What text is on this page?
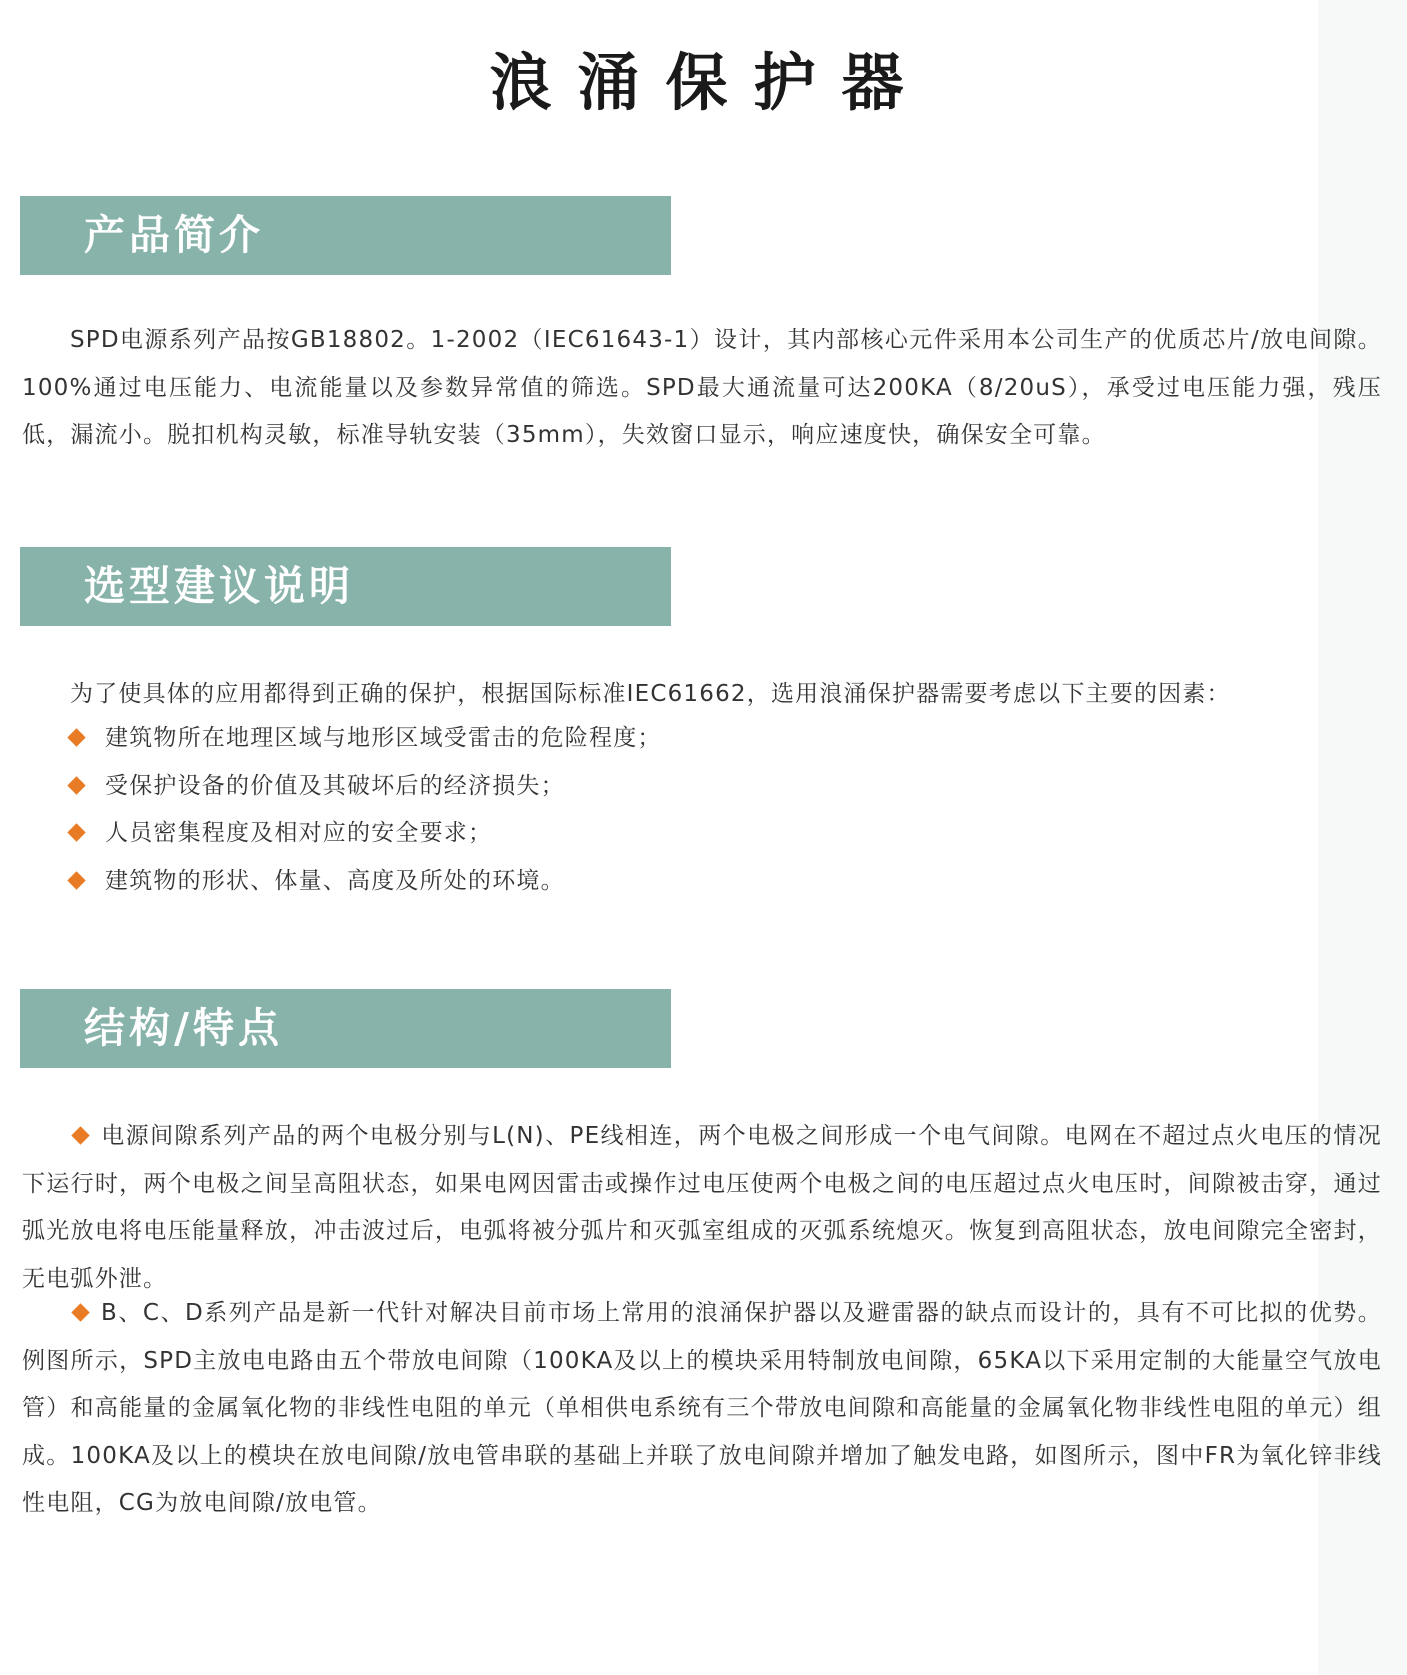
浪涌保护器
产品简介
SPD电源系列产品按GB18802。1-2002（IEC61643-1）设计，其内部核心元件采用本公司生产的优质芯片/放电间隙。100%通过电压能力、电流能量以及参数异常值的筛选。SPD最大通流量可达200KA（8/20uS），承受过电压能力强，残压低，漏流小。脱扣机构灵敏，标准导轨安装（35mm），失效窗口显示，响应速度快，确保安全可靠。
选型建议说明
为了使具体的应用都得到正确的保护，根据国际标准IEC61662，选用浪涌保护器需要考虑以下主要的因素：
建筑物所在地理区域与地形区域受雷击的危险程度；
受保护设备的价值及其破坏后的经济损失；
人员密集程度及相对应的安全要求；
建筑物的形状、体量、高度及所处的环境。
结构/特点
电源间隙系列产品的两个电极分别与L(N)、PE线相连，两个电极之间形成一个电气间隙。电网在不超过点火电压的情况下运行时，两个电极之间呈高阻状态，如果电网因雷击或操作过电压使两个电极之间的电压超过点火电压时，间隙被击穿，通过弧光放电将电压能量释放，冲击波过后，电弧将被分弧片和灭弧室组成的灭弧系统熄灭。恢复到高阻状态，放电间隙完全密封，无电弧外泄。
B、C、D系列产品是新一代针对解决目前市场上常用的浪涌保护器以及避雷器的缺点而设计的，具有不可比拟的优势。例图所示，SPD主放电电路由五个带放电间隙（100KA及以上的模块采用特制放电间隙，65KA以下采用定制的大能量空气放电管）和高能量的金属氧化物的非线性电阻的单元（单相供电系统有三个带放电间隙和高能量的金属氧化物非线性电阻的单元）组成。100KA及以上的模块在放电间隙/放电管串联的基础上并联了放电间隙并增加了触发电路，如图所示，图中FR为氧化锌非线性电阻，CG为放电间隙/放电管。
